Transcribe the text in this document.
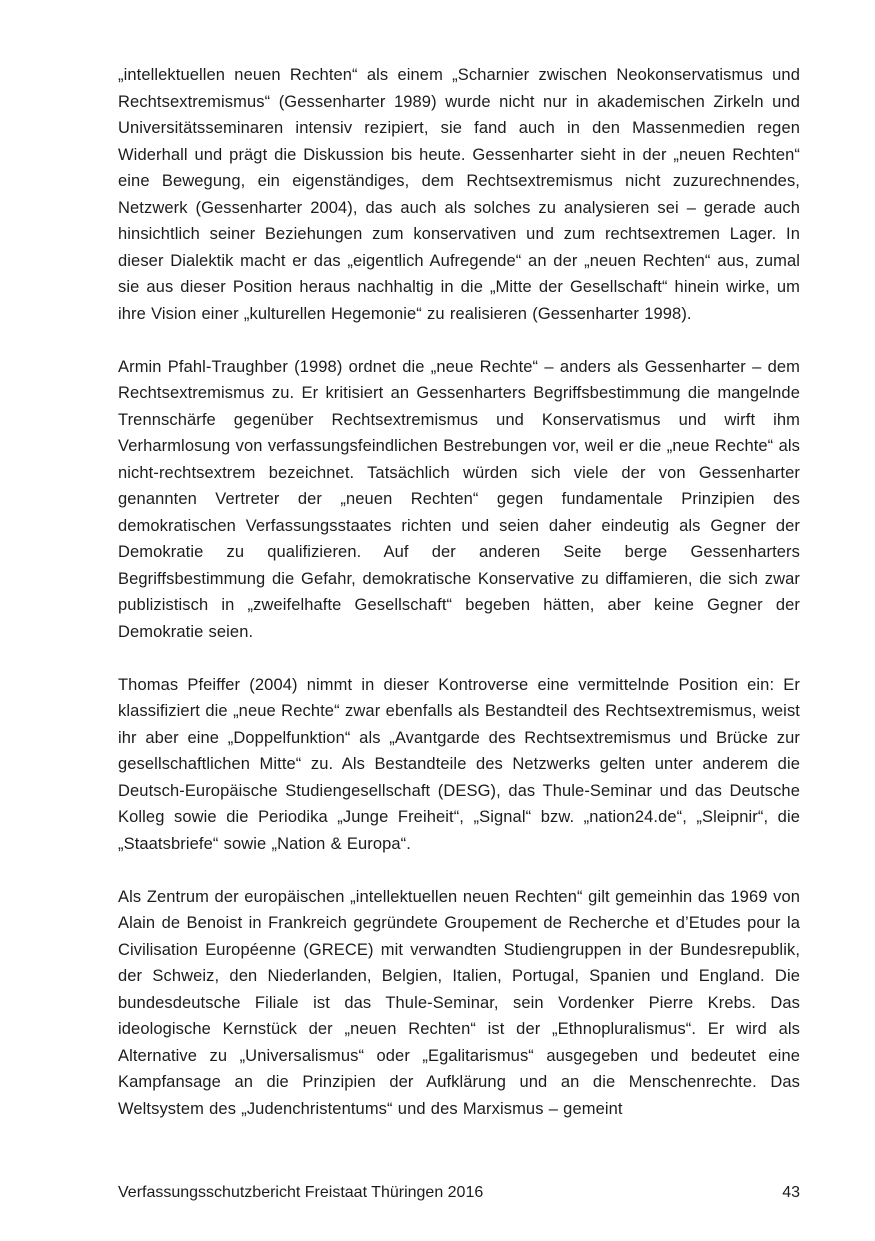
„intellektuellen neuen Rechten“ als einem „Scharnier zwischen Neokonservatismus und Rechtsextremismus“ (Gessenharter 1989) wurde nicht nur in akademischen Zirkeln und Universitätsseminaren intensiv rezipiert, sie fand auch in den Massenmedien regen Widerhall und prägt die Diskussion bis heute. Gessenharter sieht in der „neuen Rechten“ eine Bewegung, ein eigenständiges, dem Rechtsextremismus nicht zuzurechnendes, Netzwerk (Gessenharter 2004), das auch als solches zu analysieren sei – gerade auch hinsichtlich seiner Beziehungen zum konservativen und zum rechtsextremen Lager. In dieser Dialektik macht er das „eigentlich Aufregende“ an der „neuen Rechten“ aus, zumal sie aus dieser Position heraus nachhaltig in die „Mitte der Gesellschaft“ hinein wirke, um ihre Vision einer „kulturellen Hegemonie“ zu realisieren (Gessenharter 1998).

Armin Pfahl-Traughber (1998) ordnet die „neue Rechte“ – anders als Gessenharter – dem Rechtsextremismus zu. Er kritisiert an Gessenharters Begriffsbestimmung die mangelnde Trennschärfe gegenüber Rechtsextremismus und Konservatismus und wirft ihm Verharmlosung von verfassungsfeindlichen Bestrebungen vor, weil er die „neue Rechte“ als nicht-rechtsextrem bezeichnet. Tatsächlich würden sich viele der von Gessenharter genannten Vertreter der „neuen Rechten“ gegen fundamentale Prinzipien des demokratischen Verfassungsstaates richten und seien daher eindeutig als Gegner der Demokratie zu qualifizieren. Auf der anderen Seite berge Gessenharters Begriffsbestimmung die Gefahr, demokratische Konservative zu diffamieren, die sich zwar publizistisch in „zweifelhafte Gesellschaft“ begeben hätten, aber keine Gegner der Demokratie seien.

Thomas Pfeiffer (2004) nimmt in dieser Kontroverse eine vermittelnde Position ein: Er klassifiziert die „neue Rechte“ zwar ebenfalls als Bestandteil des Rechtsextremismus, weist ihr aber eine „Doppelfunktion“ als „Avantgarde des Rechtsextremismus und Brücke zur gesellschaftlichen Mitte“ zu. Als Bestandteile des Netzwerks gelten unter anderem die Deutsch-Europäische Studiengesellschaft (DESG), das Thule-Seminar und das Deutsche Kolleg sowie die Periodika „Junge Freiheit“, „Signal“ bzw. „nation24.de“, „Sleipnir“, die „Staatsbriefe“ sowie „Nation & Europa“.

Als Zentrum der europäischen „intellektuellen neuen Rechten“ gilt gemeinhin das 1969 von Alain de Benoist in Frankreich gegründete Groupement de Recherche et d’Etudes pour la Civilisation Européenne (GRECE) mit verwandten Studiengruppen in der Bundesrepublik, der Schweiz, den Niederlanden, Belgien, Italien, Portugal, Spanien und England. Die bundesdeutsche Filiale ist das Thule-Seminar, sein Vordenker Pierre Krebs. Das ideologische Kernstück der „neuen Rechten“ ist der „Ethnopluralismus“. Er wird als Alternative zu „Universalismus“ oder „Egalitarismus“ ausgegeben und bedeutet eine Kampfansage an die Prinzipien der Aufklärung und an die Menschenrechte. Das Weltsystem des „Judenchristentums“ und des Marxismus – gemeint

Verfassungsschutzbericht Freistaat Thüringen 2016	43
